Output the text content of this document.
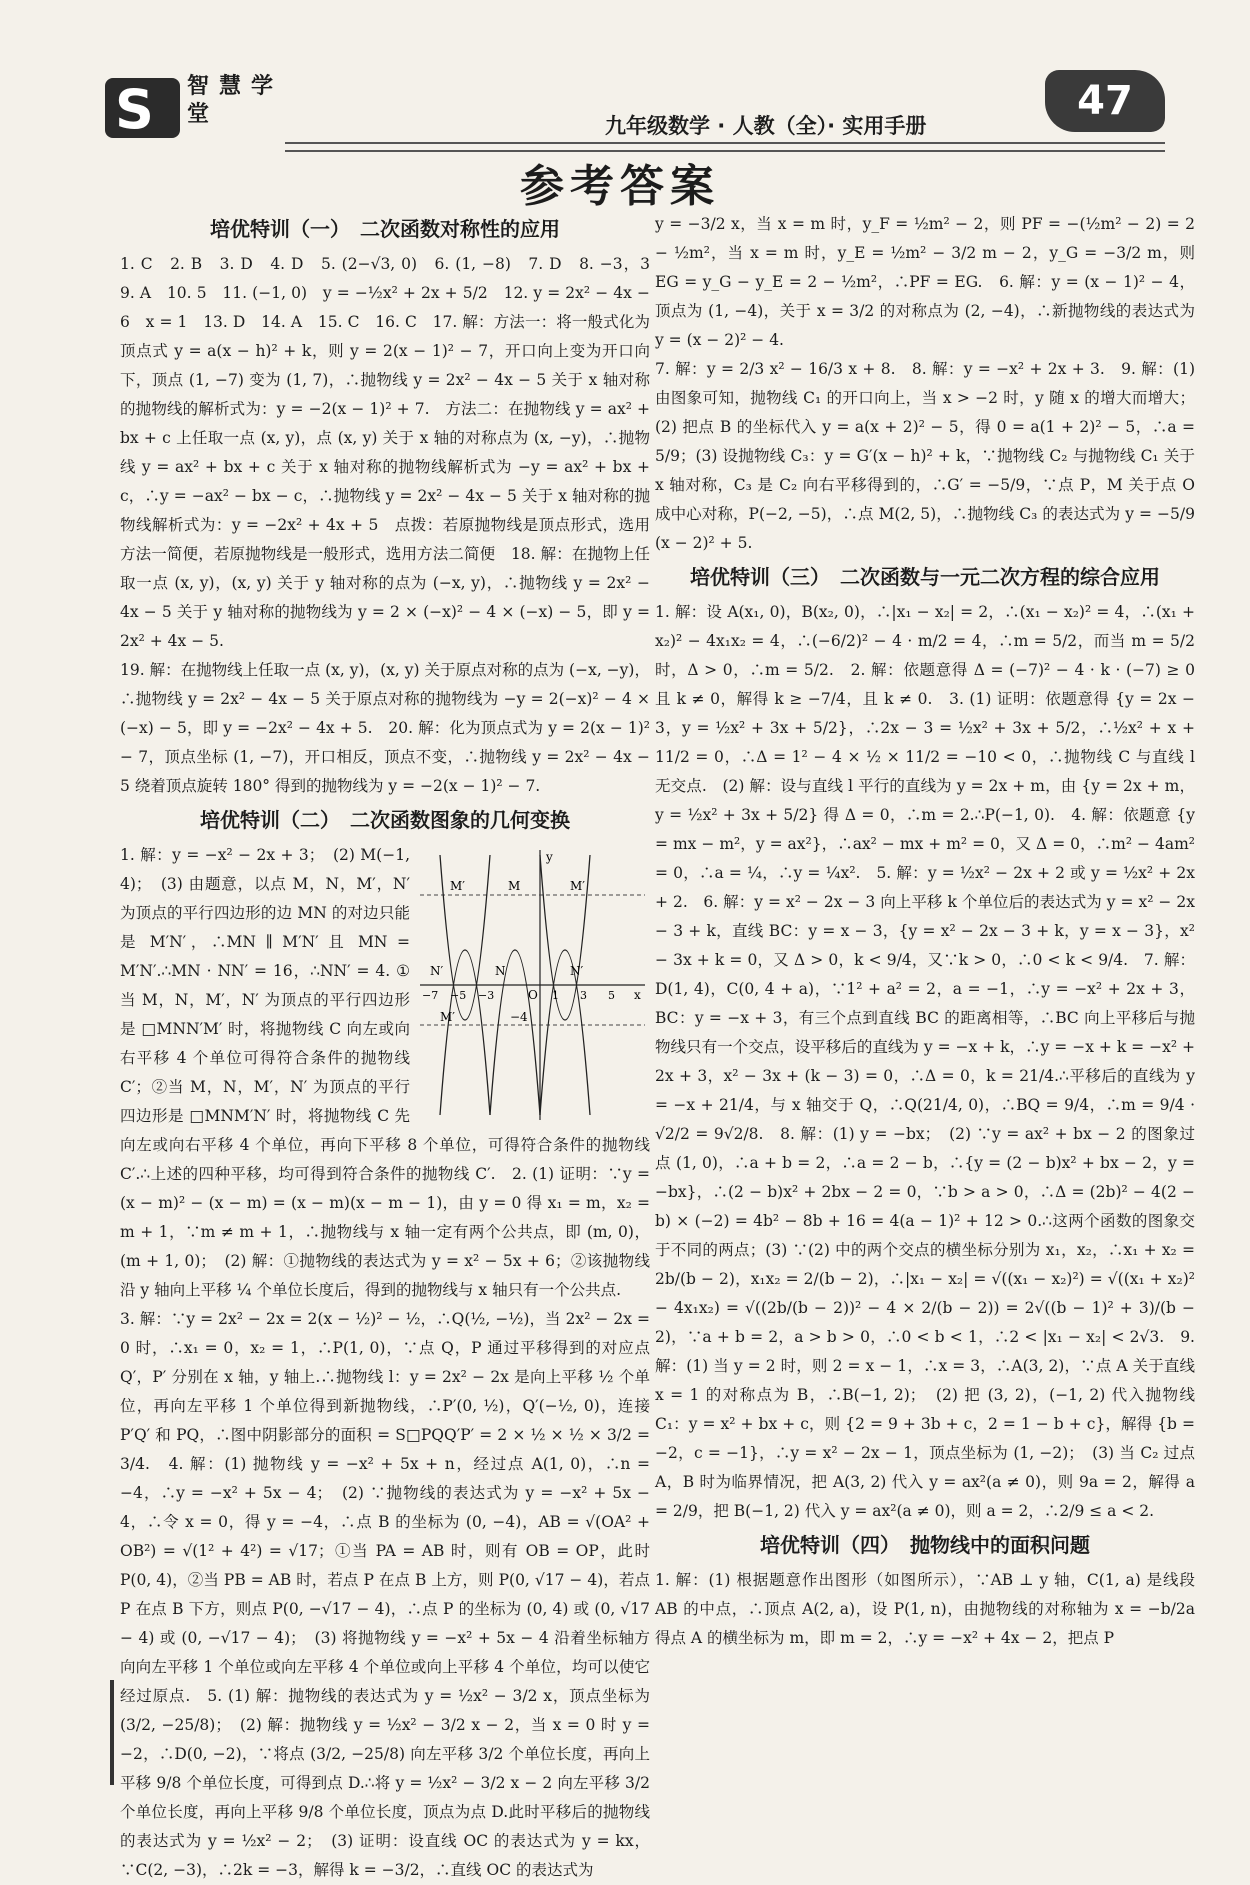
S 智慧学堂	九年级数学 · 人教（全）· 实用手册
47
参考答案
培优特训（一）　二次函数对称性的应用

1. C　2. B　3. D　4. D　5. (2−√3, 0)　6. (1, −8)　7. D　8. −3，3　9. A　10. 5　11. (−1, 0)　y = −½x² + 2x + 5/2　12. y = 2x² − 4x − 6　x = 1　13. D　14. A　15. C　16. C　17. 解：方法一：将一般式化为顶点式 y = a(x − h)² + k，则 y = 2(x − 1)² − 7，开口向上变为开口向下，顶点 (1, −7) 变为 (1, 7)，∴抛物线 y = 2x² − 4x − 5 关于 x 轴对称的抛物线的解析式为：y = −2(x − 1)² + 7.　方法二：在抛物线 y = ax² + bx + c 上任取一点 (x, y)，点 (x, y) 关于 x 轴的对称点为 (x, −y)，∴抛物线 y = ax² + bx + c 关于 x 轴对称的抛物线解析式为 −y = ax² + bx + c，∴y = −ax² − bx − c，∴抛物线 y = 2x² − 4x − 5 关于 x 轴对称的抛物线解析式为：y = −2x² + 4x + 5　点拨：若原抛物线是顶点形式，选用方法一简便，若原抛物线是一般形式，选用方法二简便　18. 解：在抛物上任取一点 (x, y)，(x, y) 关于 y 轴对称的点为 (−x, y)，∴抛物线 y = 2x² − 4x − 5 关于 y 轴对称的抛物线为 y = 2 × (−x)² − 4 × (−x) − 5，即 y = 2x² + 4x − 5.

19. 解：在抛物线上任取一点 (x, y)，(x, y) 关于原点对称的点为 (−x, −y)，∴抛物线 y = 2x² − 4x − 5 关于原点对称的抛物线为 −y = 2(−x)² − 4 × (−x) − 5，即 y = −2x² − 4x + 5.　20. 解：化为顶点式为 y = 2(x − 1)² − 7，顶点坐标 (1, −7)，开口相反，顶点不变，∴抛物线 y = 2x² − 4x − 5 绕着顶点旋转 180° 得到的抛物线为 y = −2(x − 1)² − 7.

培优特训（二）　二次函数图象的几何变换
M′	M	M′
N′	N	N′
M′	−4
O	x
y
−7 −5 −3	1 3 5

1. 解：y = −x² − 2x + 3；　(2) M(−1, 4)；　(3) 由题意，以点 M，N，M′，N′ 为顶点的平行四边形的边 MN 的对边只能是 M′N′，∴MN ∥ M′N′ 且 MN = M′N′.∴MN · NN′ = 16，∴NN′ = 4. ①当 M，N，M′，N′ 为顶点的平行四边形是 □MNN′M′ 时，将抛物线 C 向左或向右平移 4 个单位可得符合条件的抛物线 C′；②当 M，N，M′，N′ 为顶点的平行四边形是 □MNM′N′ 时，将抛物线 C 先向左或向右平移 4 个单位，再向下平移 8 个单位，可得符合条件的抛物线 C′.∴上述的四种平移，均可得到符合条件的抛物线 C′.　2. (1) 证明：∵y = (x − m)² − (x − m) = (x − m)(x − m − 1)，由 y = 0 得 x₁ = m，x₂ = m + 1，∵m ≠ m + 1，∴抛物线与 x 轴一定有两个公共点，即 (m, 0)，(m + 1, 0)；　(2) 解：①抛物线的表达式为 y = x² − 5x + 6；②该抛物线沿 y 轴向上平移 ¼ 个单位长度后，得到的抛物线与 x 轴只有一个公共点.

3. 解：∵y = 2x² − 2x = 2(x − ½)² − ½，∴Q(½, −½)，当 2x² − 2x = 0 时，∴x₁ = 0，x₂ = 1，∴P(1, 0)，∵点 Q，P 通过平移得到的对应点 Q′，P′ 分别在 x 轴，y 轴上.∴抛物线 l：y = 2x² − 2x 是向上平移 ½ 个单位，再向左平移 1 个单位得到新抛物线，∴P′(0, ½)，Q′(−½, 0)，连接 P′Q′ 和 PQ，∴图中阴影部分的面积 = S□PQQ′P′ = 2 × ½ × ½ × 3/2 = 3/4.　4. 解：(1) 抛物线 y = −x² + 5x + n，经过点 A(1, 0)，∴n = −4，∴y = −x² + 5x − 4；　(2) ∵抛物线的表达式为 y = −x² + 5x − 4，∴令 x = 0，得 y = −4，∴点 B 的坐标为 (0, −4)，AB = √(OA² + OB²) = √(1² + 4²) = √17；①当 PA = AB 时，则有 OB = OP，此时 P(0, 4)，②当 PB = AB 时，若点 P 在点 B 上方，则 P(0, √17 − 4)，若点 P 在点 B 下方，则点 P(0, −√17 − 4)，∴点 P 的坐标为 (0, 4) 或 (0, √17 − 4) 或 (0, −√17 − 4)；　(3) 将抛物线 y = −x² + 5x − 4 沿着坐标轴方向向左平移 1 个单位或向左平移 4 个单位或向上平移 4 个单位，均可以使它经过原点.　5. (1) 解：抛物线的表达式为 y = ½x² − 3/2 x，顶点坐标为 (3/2, −25/8)；　(2) 解：抛物线 y = ½x² − 3/2 x − 2，当 x = 0 时 y = −2，∴D(0, −2)，∵将点 (3/2, −25/8) 向左平移 3/2 个单位长度，再向上平移 9/8 个单位长度，可得到点 D.∴将 y = ½x² − 3/2 x − 2 向左平移 3/2 个单位长度，再向上平移 9/8 个单位长度，顶点为点 D.此时平移后的抛物线的表达式为 y = ½x² − 2；　(3) 证明：设直线 OC 的表达式为 y = kx，∵C(2, −3)，∴2k = −3，解得 k = −3/2，∴直线 OC 的表达式为

y = −3/2 x，当 x = m 时，y_F = ½m² − 2，则 PF = −(½m² − 2) = 2 − ½m²，当 x = m 时，y_E = ½m² − 3/2 m − 2，y_G = −3/2 m，则 EG = y_G − y_E = 2 − ½m²，∴PF = EG.　6. 解：y = (x − 1)² − 4，顶点为 (1, −4)，关于 x = 3/2 的对称点为 (2, −4)，∴新抛物线的表达式为 y = (x − 2)² − 4.

7. 解：y = 2/3 x² − 16/3 x + 8.　8. 解：y = −x² + 2x + 3.　9. 解：(1) 由图象可知，抛物线 C₁ 的开口向上，当 x > −2 时，y 随 x 的增大而增大；(2) 把点 B 的坐标代入 y = a(x + 2)² − 5，得 0 = a(1 + 2)² − 5，∴a = 5/9；(3) 设抛物线 C₃：y = G′(x − h)² + k，∵抛物线 C₂ 与抛物线 C₁ 关于 x 轴对称，C₃ 是 C₂ 向右平移得到的，∴G′ = −5/9，∵点 P，M 关于点 O 成中心对称，P(−2, −5)，∴点 M(2, 5)，∴抛物线 C₃ 的表达式为 y = −5/9 (x − 2)² + 5.

培优特训（三）　二次函数与一元二次方程的综合应用

1. 解：设 A(x₁, 0)，B(x₂, 0)，∴|x₁ − x₂| = 2，∴(x₁ − x₂)² = 4，∴(x₁ + x₂)² − 4x₁x₂ = 4，∴(−6/2)² − 4 · m/2 = 4，∴m = 5/2，而当 m = 5/2 时，Δ > 0，∴m = 5/2.　2. 解：依题意得 Δ = (−7)² − 4 · k · (−7) ≥ 0 且 k ≠ 0，解得 k ≥ −7/4，且 k ≠ 0.　3. (1) 证明：依题意得 {y = 2x − 3，y = ½x² + 3x + 5/2}，∴2x − 3 = ½x² + 3x + 5/2，∴½x² + x + 11/2 = 0，∴Δ = 1² − 4 × ½ × 11/2 = −10 < 0，∴抛物线 C 与直线 l 无交点.　(2) 解：设与直线 l 平行的直线为 y = 2x + m，由 {y = 2x + m，y = ½x² + 3x + 5/2} 得 Δ = 0，∴m = 2.∴P(−1, 0).　4. 解：依题意 {y = mx − m²，y = ax²}，∴ax² − mx + m² = 0，又 Δ = 0，∴m² − 4am² = 0，∴a = ¼，∴y = ¼x².　5. 解：y = ½x² − 2x + 2 或 y = ½x² + 2x + 2.　6. 解：y = x² − 2x − 3 向上平移 k 个单位后的表达式为 y = x² − 2x − 3 + k，直线 BC：y = x − 3，{y = x² − 2x − 3 + k，y = x − 3}，x² − 3x + k = 0，又 Δ > 0，k < 9/4，又∵k > 0，∴0 < k < 9/4.　7. 解：D(1, 4)，C(0, 4 + a)，∵1² + a² = 2，a = −1，∴y = −x² + 2x + 3，BC：y = −x + 3，有三个点到直线 BC 的距离相等，∴BC 向上平移后与抛物线只有一个交点，设平移后的直线为 y = −x + k，∴y = −x + k = −x² + 2x + 3，x² − 3x + (k − 3) = 0，∴Δ = 0，k = 21/4.∴平移后的直线为 y = −x + 21/4，与 x 轴交于 Q，∴Q(21/4, 0)，∴BQ = 9/4，∴m = 9/4 · √2/2 = 9√2/8.　8. 解：(1) y = −bx；　(2) ∵y = ax² + bx − 2 的图象过点 (1, 0)，∴a + b = 2，∴a = 2 − b，∴{y = (2 − b)x² + bx − 2，y = −bx}，∴(2 − b)x² + 2bx − 2 = 0，∵b > a > 0，∴Δ = (2b)² − 4(2 − b) × (−2) = 4b² − 8b + 16 = 4(a − 1)² + 12 > 0.∴这两个函数的图象交于不同的两点；(3) ∵(2) 中的两个交点的横坐标分别为 x₁，x₂，∴x₁ + x₂ = 2b/(b − 2)，x₁x₂ = 2/(b − 2)，∴|x₁ − x₂| = √((x₁ − x₂)²) = √((x₁ + x₂)² − 4x₁x₂) = √((2b/(b − 2))² − 4 × 2/(b − 2)) = 2√((b − 1)² + 3)/(b − 2)，∵a + b = 2，a > b > 0，∴0 < b < 1，∴2 < |x₁ − x₂| < 2√3.　9. 解：(1) 当 y = 2 时，则 2 = x − 1，∴x = 3，∴A(3, 2)，∵点 A 关于直线 x = 1 的对称点为 B，∴B(−1, 2)；　(2) 把 (3, 2)，(−1, 2) 代入抛物线 C₁：y = x² + bx + c，则 {2 = 9 + 3b + c，2 = 1 − b + c}，解得 {b = −2，c = −1}，∴y = x² − 2x − 1，顶点坐标为 (1, −2)；　(3) 当 C₂ 过点 A，B 时为临界情况，把 A(3, 2) 代入 y = ax²(a ≠ 0)，则 9a = 2，解得 a = 2/9，把 B(−1, 2) 代入 y = ax²(a ≠ 0)，则 a = 2，∴2/9 ≤ a < 2.

培优特训（四）　抛物线中的面积问题

1. 解：(1) 根据题意作出图形（如图所示），∵AB ⊥ y 轴，C(1, a) 是线段 AB 的中点，∴顶点 A(2, a)，设 P(1, n)，由抛物线的对称轴为 x = −b/2a 得点 A 的横坐标为 m，即 m = 2，∴y = −x² + 4x − 2，把点 P
